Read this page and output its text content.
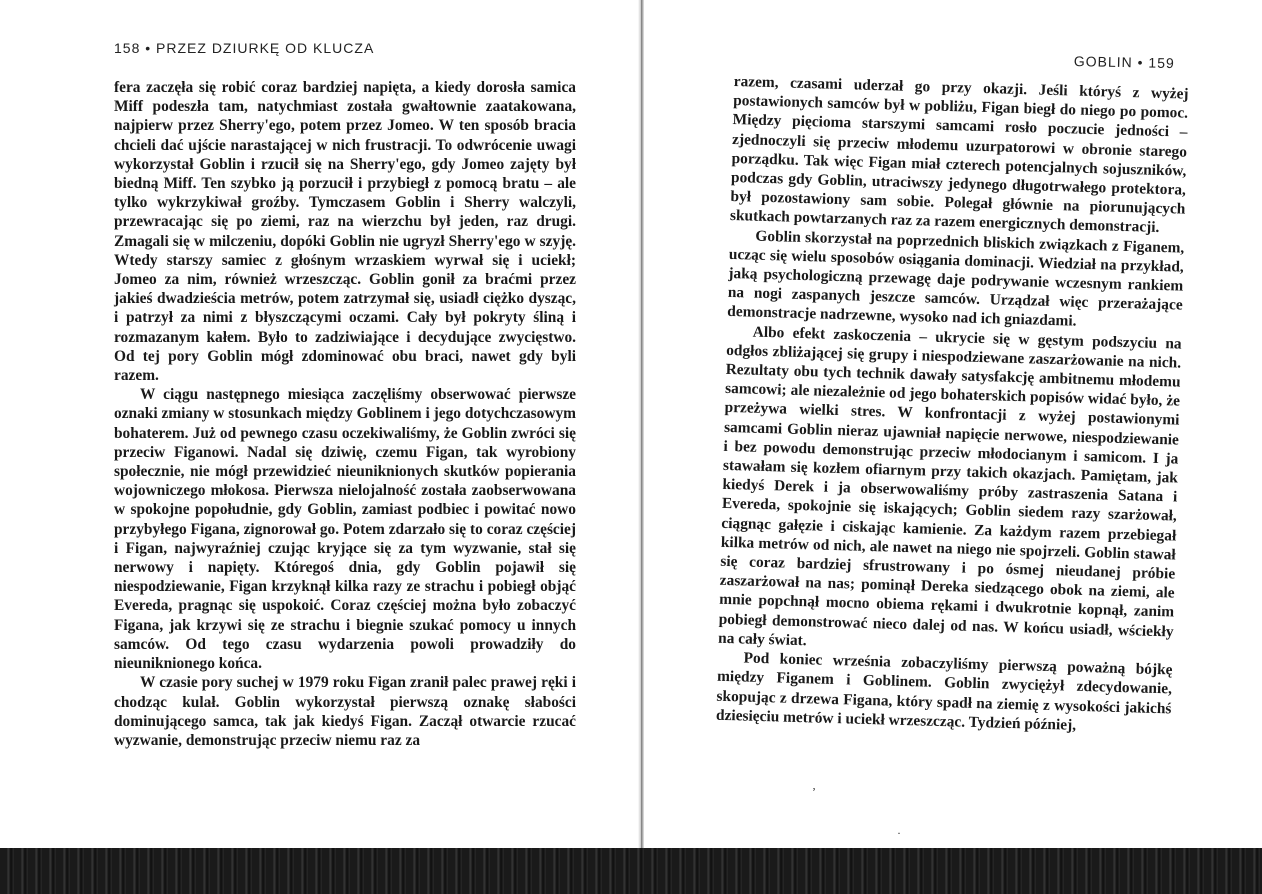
158 • PRZEZ DZIURKĘ OD KLUCZA

fera zaczęła się robić coraz bardziej napięta, a kiedy dorosła samica Miff podeszła tam, natychmiast została gwałtownie zaatakowana, najpierw przez Sherry'ego, potem przez Jomeo. W ten sposób bracia chcieli dać ujście narastającej w nich frustracji. To odwrócenie uwagi wykorzystał Goblin i rzucił się na Sherry'ego, gdy Jomeo zajęty był biedną Miff. Ten szybko ją porzucił i przybiegł z pomocą bratu – ale tylko wykrzykiwał groźby. Tymczasem Goblin i Sherry walczyli, przewracając się po ziemi, raz na wierzchu był jeden, raz drugi. Zmagali się w milczeniu, dopóki Goblin nie ugryzł Sherry'ego w szyję. Wtedy starszy samiec z głośnym wrzaskiem wyrwał się i uciekł; Jomeo za nim, również wrzeszcząc. Goblin gonił za braćmi przez jakieś dwadzieścia metrów, potem zatrzymał się, usiadł ciężko dysząc, i patrzył za nimi z błyszczącymi oczami. Cały był pokryty śliną i rozmazanym kałem. Było to zadziwiające i decydujące zwycięstwo. Od tej pory Goblin mógł zdominować obu braci, nawet gdy byli razem.

W ciągu następnego miesiąca zaczęliśmy obserwować pierwsze oznaki zmiany w stosunkach między Goblinem i jego dotychczasowym bohaterem. Już od pewnego czasu oczekiwaliśmy, że Goblin zwróci się przeciw Figanowi. Nadal się dziwię, czemu Figan, tak wyrobiony społecznie, nie mógł przewidzieć nieuniknionych skutków popierania wojowniczego młokosa. Pierwsza nielojalność została zaobserwowana w spokojne popołudnie, gdy Goblin, zamiast podbiec i powitać nowo przybyłego Figana, zignorował go. Potem zdarzało się to coraz częściej i Figan, najwyraźniej czując kryjące się za tym wyzwanie, stał się nerwowy i napięty. Któregoś dnia, gdy Goblin pojawił się niespodziewanie, Figan krzyknął kilka razy ze strachu i pobiegł objąć Evereda, pragnąc się uspokoić. Coraz częściej można było zobaczyć Figana, jak krzywi się ze strachu i biegnie szukać pomocy u innych samców. Od tego czasu wydarzenia powoli prowadziły do nieuniknionego końca.

W czasie pory suchej w 1979 roku Figan zranił palec prawej ręki i chodząc kulał. Goblin wykorzystał pierwszą oznakę słabości dominującego samca, tak jak kiedyś Figan. Zaczął otwarcie rzucać wyzwanie, demonstrując przeciw niemu raz za

GOBLIN • 159

razem, czasami uderzał go przy okazji. Jeśli któryś z wyżej postawionych samców był w pobliżu, Figan biegł do niego po pomoc. Między pięcioma starszymi samcami rosło poczucie jedności – zjednoczyli się przeciw młodemu uzurpatorowi w obronie starego porządku. Tak więc Figan miał czterech potencjalnych sojuszników, podczas gdy Goblin, utraciwszy jedynego długotrwałego protektora, był pozostawiony sam sobie. Polegał głównie na piorunujących skutkach powtarzanych raz za razem energicznych demonstracji.

Goblin skorzystał na poprzednich bliskich związkach z Figanem, ucząc się wielu sposobów osiągania dominacji. Wiedział na przykład, jaką psychologiczną przewagę daje podrywanie wczesnym rankiem na nogi zaspanych jeszcze samców. Urządzał więc przerażające demonstracje nadrzewne, wysoko nad ich gniazdami.

Albo efekt zaskoczenia – ukrycie się w gęstym podszyciu na odgłos zbliżającej się grupy i niespodziewane zaszarżowanie na nich. Rezultaty obu tych technik dawały satysfakcję ambitnemu młodemu samcowi; ale niezależnie od jego bohaterskich popisów widać było, że przeżywa wielki stres. W konfrontacji z wyżej postawionymi samcami Goblin nieraz ujawniał napięcie nerwowe, niespodziewanie i bez powodu demonstrując przeciw młodocianym i samicom. I ja stawałam się kozłem ofiarnym przy takich okazjach. Pamiętam, jak kiedyś Derek i ja obserwowaliśmy próby zastraszenia Satana i Evereda, spokojnie się iskających; Goblin siedem razy szarżował, ciągnąc gałęzie i ciskając kamienie. Za każdym razem przebiegał kilka metrów od nich, ale nawet na niego nie spojrzeli. Goblin stawał się coraz bardziej sfrustrowany i po ósmej nieudanej próbie zaszarżował na nas; pominął Dereka siedzącego obok na ziemi, ale mnie popchnął mocno obiema rękami i dwukrotnie kopnął, zanim pobiegł demonstrować nieco dalej od nas. W końcu usiadł, wściekły na cały świat.

Pod koniec września zobaczyliśmy pierwszą poważną bójkę między Figanem i Goblinem. Goblin zwyciężył zdecydowanie, skopując z drzewa Figana, który spadł na ziemię z wysokości jakichś dziesięciu metrów i uciekł wrzeszcząc. Tydzień później,

ʼ
·
